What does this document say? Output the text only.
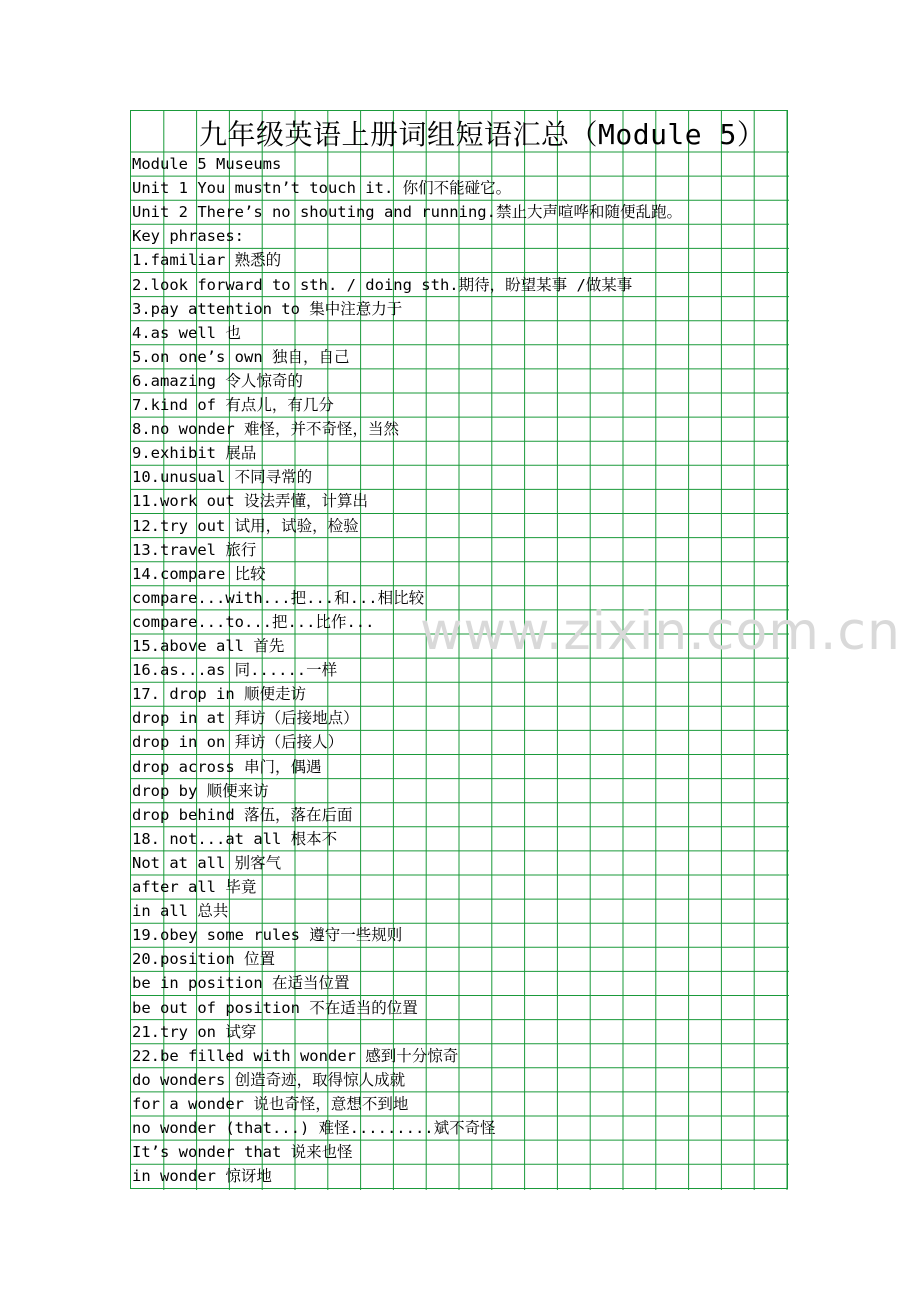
九年级英语上册词组短语汇总（Module 5）
Module 5 Museums
Unit 1 You mustn’t touch it. 你们不能碰它。
Unit 2 There’s no shouting and running.禁止大声喧哗和随便乱跑。
Key phrases:
1.familiar 熟悉的
2.look forward to sth. / doing sth.期待，盼望某事 /做某事
3.pay attention to 集中注意力于
4.as well 也
5.on one’s own 独自，自己
6.amazing 令人惊奇的
7.kind of 有点儿，有几分
8.no wonder 难怪，并不奇怪，当然
9.exhibit 展品
10.unusual 不同寻常的
11.work out 设法弄懂，计算出
12.try out 试用，试验，检验
13.travel 旅行
14.compare 比较
compare...with...把...和...相比较
compare...to...把...比作...
15.above all 首先
16.as...as 同......一样
17. drop in 顺便走访
drop in at 拜访（后接地点）
drop in on 拜访（后接人）
drop across 串门，偶遇
drop by 顺便来访
drop behind 落伍，落在后面
18. not...at all 根本不
Not at all 别客气
after all 毕竟
in all 总共
19.obey some rules 遵守一些规则
20.position 位置
be in position 在适当位置
be out of position 不在适当的位置
21.try on 试穿
22.be filled with wonder 感到十分惊奇
do wonders 创造奇迹，取得惊人成就
for a wonder 说也奇怪，意想不到地
no wonder (that...) 难怪.........斌不奇怪
It’s wonder that 说来也怪
in wonder 惊讶地
www.zixin.com.cn
